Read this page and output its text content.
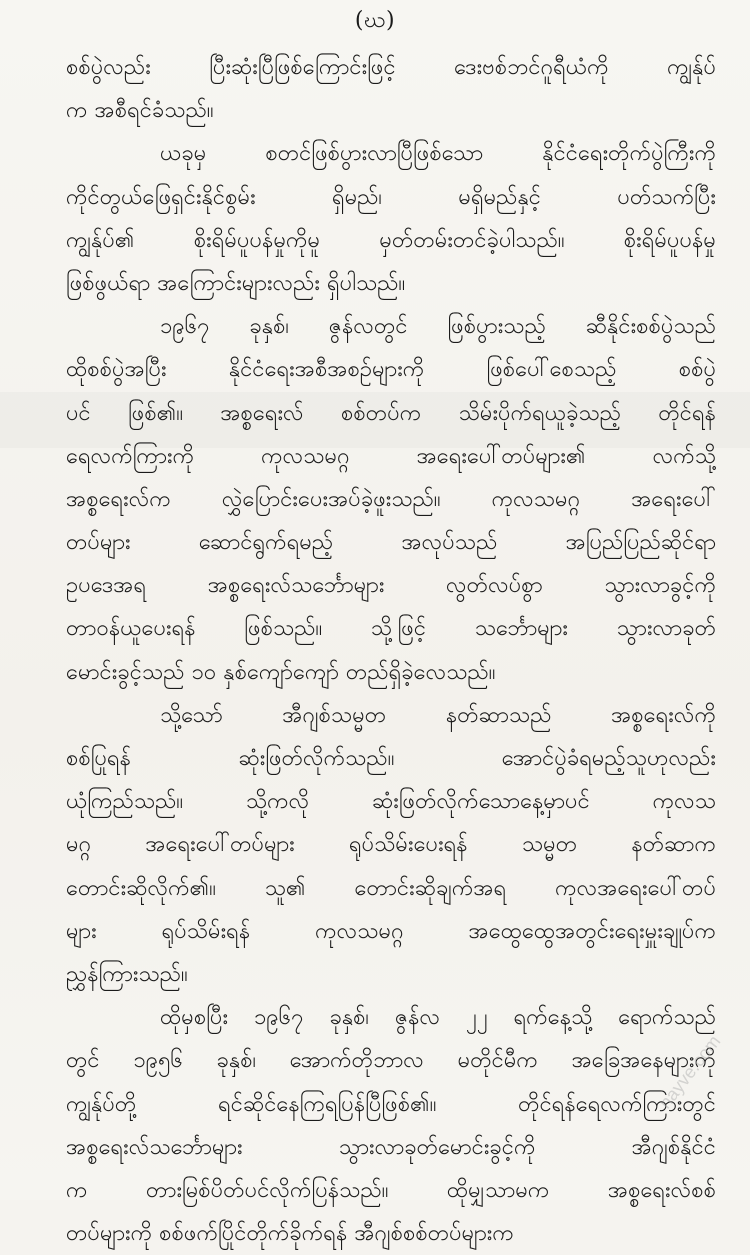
(ဃ)
စစ်ပွဲလည်း ပြီးဆုံးပြီဖြစ်ကြောင်းဖြင့် ဒေးဗစ်ဘင်ဂူရီယံကို ကျွန်ုပ်
က အစီရင်ခံသည်။
ယခုမှ စတင်ဖြစ်ပွားလာပြီဖြစ်သော နိုင်ငံရေးတိုက်ပွဲကြီးကို
ကိုင်တွယ်ဖြေရှင်းနိုင်စွမ်း ရှိမည်၊ မရှိမည်နှင့် ပတ်သက်ပြီး
ကျွန်ုပ်၏ စိုးရိမ်ပူပန်မှုကိုမူ မှတ်တမ်းတင်ခဲ့ပါသည်။ စိုးရိမ်ပူပန်မှု
ဖြစ်ဖွယ်ရာ အကြောင်းများလည်း ရှိပါသည်။
၁၉၆၇ ခုနှစ်၊ ဇွန်လတွင် ဖြစ်ပွားသည့် ဆီနိုင်းစစ်ပွဲသည်
ထိုစစ်ပွဲအပြီး နိုင်ငံရေးအစီအစဉ်များကို ဖြစ်ပေါ်စေသည့် စစ်ပွဲ
ပင် ဖြစ်၏။ အစ္စရေးလ် စစ်တပ်က သိမ်းပိုက်ရယူခဲ့သည့် တိုင်ရန်
ရေလက်ကြားကို ကုလသမဂ္ဂ အရေးပေါ်တပ်များ၏ လက်သို့
အစ္စရေးလ်က လွှဲပြောင်းပေးအပ်ခဲ့ဖူးသည်။ ကုလသမဂ္ဂ အရေးပေါ်
တပ်များ ဆောင်ရွက်ရမည့် အလုပ်သည် အပြည်ပြည်ဆိုင်ရာ
ဥပဒေအရ အစ္စရေးလ်သင်္ဘောများ လွတ်လပ်စွာ သွားလာခွင့်ကို
တာဝန်ယူပေးရန် ဖြစ်သည်။ သို့ဖြင့် သင်္ဘောများ သွားလာခုတ်
မောင်းခွင့်သည် ၁၀ နှစ်ကျော်ကျော် တည်ရှိခဲ့လေသည်။
သို့သော် အီဂျစ်သမ္မတ နတ်ဆာသည် အစ္စရေးလ်ကို
စစ်ပြုရန် ဆုံးဖြတ်လိုက်သည်။ အောင်ပွဲခံရမည့်သူဟုလည်း
ယုံကြည်သည်။ သို့ကလို ဆုံးဖြတ်လိုက်သောနေ့မှာပင် ကုလသ
မဂ္ဂ အရေးပေါ်တပ်များ ရုပ်သိမ်းပေးရန် သမ္မတ နတ်ဆာက
တောင်းဆိုလိုက်၏။ သူ၏ တောင်းဆိုချက်အရ ကုလအရေးပေါ်တပ်
များ ရုပ်သိမ်းရန် ကုလသမဂ္ဂ အထွေထွေအတွင်းရေးမှူးချုပ်က
ညွှန်ကြားသည်။
ထိုမှစပြီး ၁၉၆၇ ခုနှစ်၊ ဇွန်လ ၂၂ ရက်နေ့သို့ ရောက်သည်
တွင် ၁၉၅၆ ခုနှစ်၊ အောက်တိုဘာလ မတိုင်မီက အခြေအနေများကို
ကျွန်ုပ်တို့ ရင်ဆိုင်နေကြရပြန်ပြီဖြစ်၏။ တိုင်ရန်ရေလက်ကြားတွင်
အစ္စရေးလ်သင်္ဘောများ သွားလာခုတ်မောင်းခွင့်ကို အီဂျစ်နိုင်ငံ
က တားမြစ်ပိတ်ပင်လိုက်ပြန်သည်။ ထိုမျှသာမက အစ္စရေးလ်စစ်
တပ်များကို စစ်ဖက်ပြိုင်တိုက်ခိုက်ရန် အီဂျစ်စစ်တပ်များက
nayve.com
